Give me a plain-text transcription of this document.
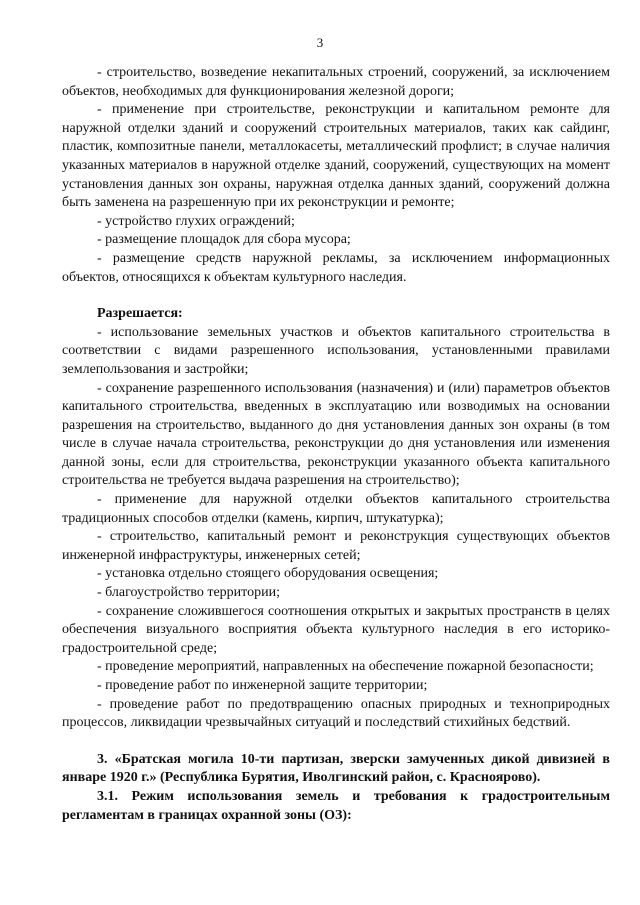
3

- строительство, возведение некапитальных строений, сооружений, за исключением объектов, необходимых для функционирования железной дороги;

- применение при строительстве, реконструкции и капитальном ремонте для наружной отделки зданий и сооружений строительных материалов, таких как сайдинг, пластик, композитные панели, металлокасеты, металлический профлист; в случае наличия указанных материалов в наружной отделке зданий, сооружений, существующих на момент установления данных зон охраны, наружная отделка данных зданий, сооружений должна быть заменена на разрешенную при их реконструкции и ремонте;

- устройство глухих ограждений;

- размещение площадок для сбора мусора;

- размещение средств наружной рекламы, за исключением информационных объектов, относящихся к объектам культурного наследия.

Разрешается:

- использование земельных участков и объектов капитального строительства в соответствии с видами разрешенного использования, установленными правилами землепользования и застройки;

- сохранение разрешенного использования (назначения) и (или) параметров объектов капитального строительства, введенных в эксплуатацию или возводимых на основании разрешения на строительство, выданного до дня установления данных зон охраны (в том числе в случае начала строительства, реконструкции до дня установления или изменения данной зоны, если для строительства, реконструкции указанного объекта капитального строительства не требуется выдача разрешения на строительство);

- применение для наружной отделки объектов капитального строительства традиционных способов отделки (камень, кирпич, штукатурка);

- строительство, капитальный ремонт и реконструкция существующих объектов инженерной инфраструктуры, инженерных сетей;

- установка отдельно стоящего оборудования освещения;

- благоустройство территории;

- сохранение сложившегося соотношения открытых и закрытых пространств в целях обеспечения визуального восприятия объекта культурного наследия в его историко-градостроительной среде;

- проведение мероприятий, направленных на обеспечение пожарной безопасности;

- проведение работ по инженерной защите территории;

- проведение работ по предотвращению опасных природных и техноприродных процессов, ликвидации чрезвычайных ситуаций и последствий стихийных бедствий.

3. «Братская могила 10-ти партизан, зверски замученных дикой дивизией в январе 1920 г.» (Республика Бурятия, Иволгинский район, с. Красноярово).

3.1. Режим использования земель и требования к градостроительным регламентам в границах охранной зоны (ОЗ):
